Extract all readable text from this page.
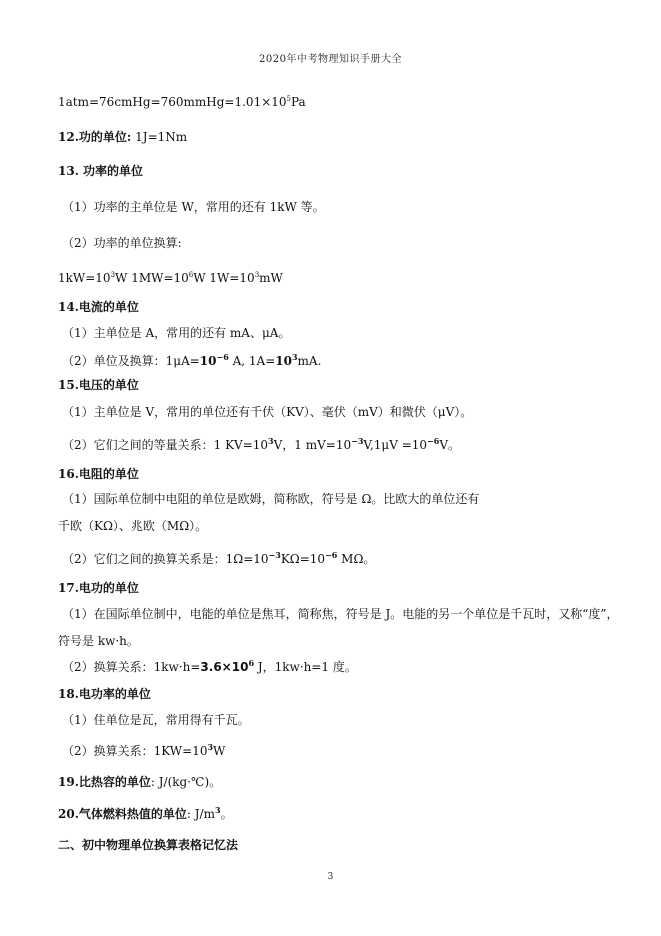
2020年中考物理知识手册大全
$1atm=76cmHg=760mmHg=1.01\times 10^5Pa$
12.功的单位: 1J=1Nm
13. 功率的单位
（1）功率的主单位是 W，常用的还有 1kW 等。
（2）功率的单位换算:
$1kW=10^3W$ $1MW=10^6W$ $1W=10^3mW$
14.电流的单位
（1）主单位是 A，常用的还有 mA、μA。
（2）单位及换算：$1\mu A=10^{-6}$ A, $1A=10^3mA$.
15.电压的单位
（1）主单位是 V，常用的单位还有千伏（KV）、毫伏（mV）和微伏（μV）。
（2）它们之间的等量关系：1 $KV=10^3V$，1 $mV=10^{-3}V,1\mu V =10^{-6}V$。
16.电阻的单位
（1）国际单位制中电阻的单位是欧姆，简称欧，符号是 Ω。比欧大的单位还有
千欧（KΩ）、兆欧（MΩ）。
（2）它们之间的换算关系是：$1\Omega=10^{-3}K\Omega=10^{-6}$ MΩ。
17.电功的单位
（1）在国际单位制中，电能的单位是焦耳，简称焦，符号是 J。电能的另一个单位是千瓦时，又称“度”，
符号是 kw·h。
（2）换算关系：$1kw\cdot h=3.6\times 10^6$ J，1kw·h=1 度。
18.电功率的单位
（1）住单位是瓦，常用得有千瓦。
（2）换算关系：$1KW=10^3W$
19.比热容的单位: J/(kg·℃)。
20.气体燃料热值的单位: $J/m^3$。
二、初中物理单位换算表格记忆法
3
